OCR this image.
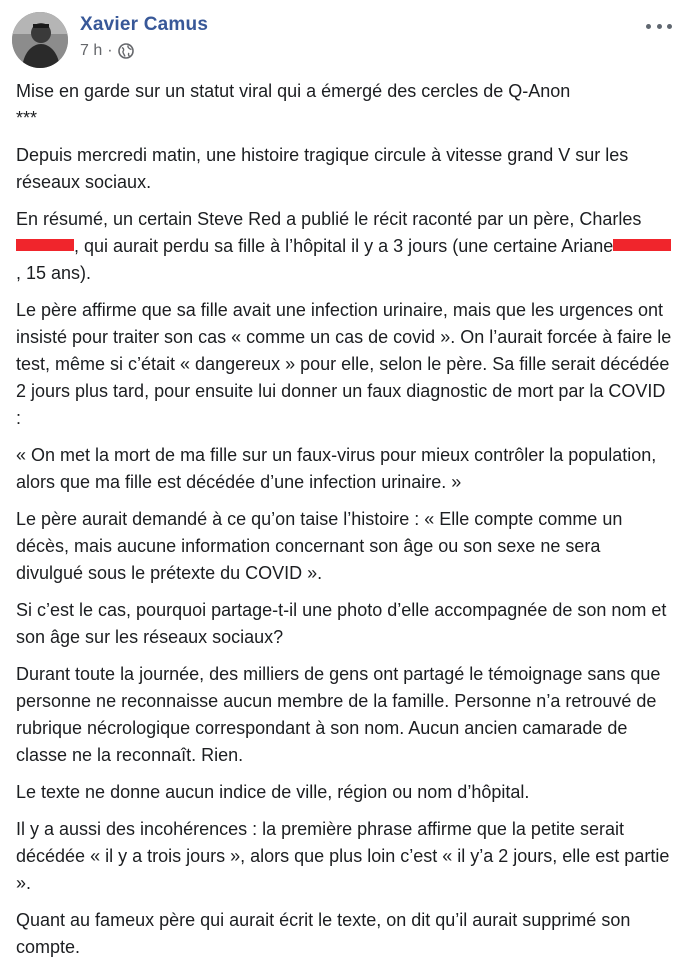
Xavier Camus
7 h ·

Mise en garde sur un statut viral qui a émergé des cercles de Q-Anon
***

Depuis mercredi matin, une histoire tragique circule à vitesse grand V sur les réseaux sociaux.

En résumé, un certain Steve Red a publié le récit raconté par un père, Charles, qui aurait perdu sa fille à l’hôpital il y a 3 jours (une certaine Ariane, 15 ans).

Le père affirme que sa fille avait une infection urinaire, mais que les urgences ont insisté pour traiter son cas « comme un cas de covid ». On l’aurait forcée à faire le test, même si c’était « dangereux » pour elle, selon le père. Sa fille serait décédée 2 jours plus tard, pour ensuite lui donner un faux diagnostic de mort par la COVID :

« On met la mort de ma fille sur un faux-virus pour mieux contrôler la population, alors que ma fille est décédée d’une infection urinaire. »

Le père aurait demandé à ce qu’on taise l’histoire : « Elle compte comme un décès, mais aucune information concernant son âge ou son sexe ne sera divulgué sous le prétexte du COVID ».

Si c’est le cas, pourquoi partage-t-il une photo d’elle accompagnée de son nom et son âge sur les réseaux sociaux?

Durant toute la journée, des milliers de gens ont partagé le témoignage sans que personne ne reconnaisse aucun membre de la famille. Personne n’a retrouvé de rubrique nécrologique correspondant à son nom. Aucun ancien camarade de classe ne la reconnaît. Rien.

Le texte ne donne aucun indice de ville, région ou nom d’hôpital.

Il y a aussi des incohérences : la première phrase affirme que la petite serait décédée « il y a trois jours », alors que plus loin c’est « il y’a 2 jours, elle est partie ».

Quant au fameux père qui aurait écrit le texte, on dit qu’il aurait supprimé son compte.
